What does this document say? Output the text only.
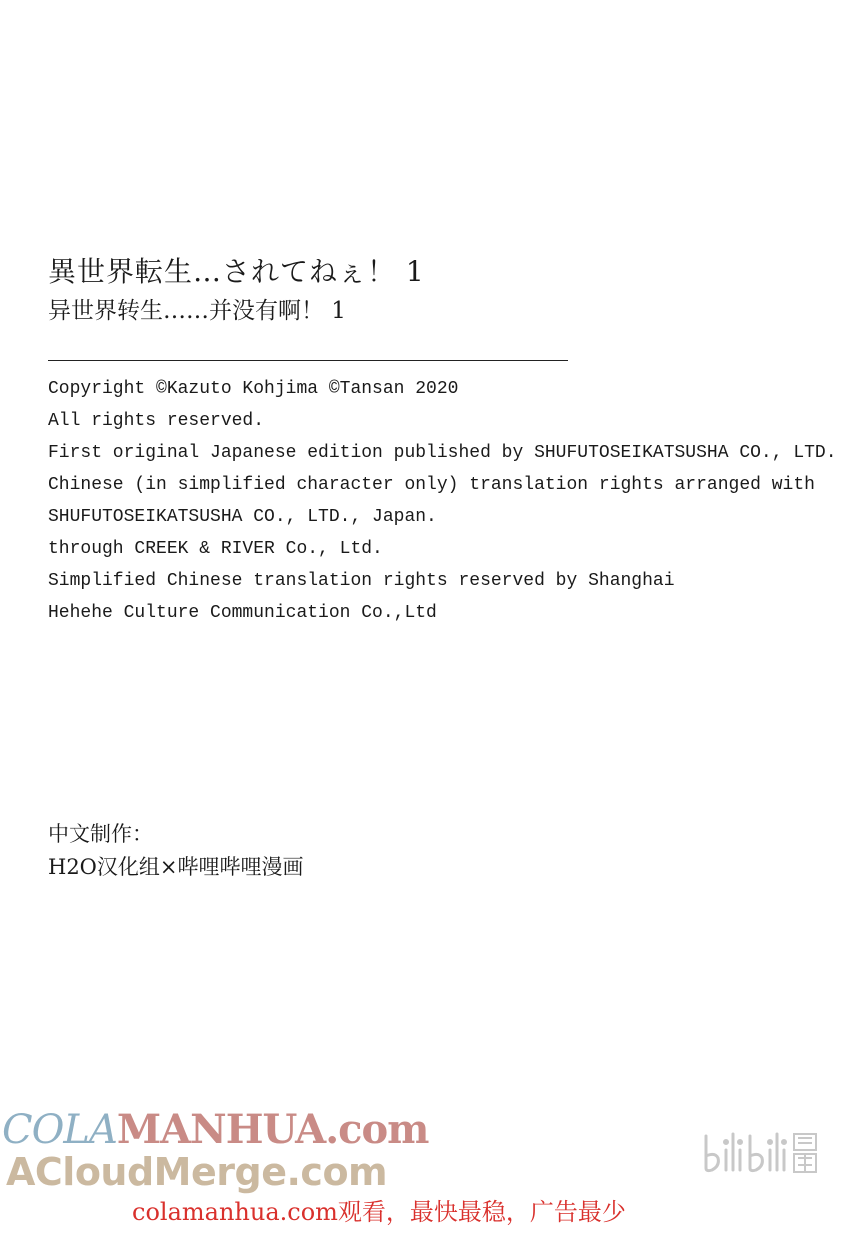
異世界転生…されてねぇ！ 1
异世界转生……并没有啊！ 1
Copyright ©Kazuto Kohjima ©Tansan 2020
All rights reserved.
First original Japanese edition published by SHUFUTOSEIKATSUSHA CO., LTD.
Chinese (in simplified character only) translation rights arranged with
SHUFUTOSEIKATSUSHA CO., LTD., Japan.
through CREEK & RIVER Co., Ltd.
Simplified Chinese translation rights reserved by Shanghai
Hehehe Culture Communication Co.,Ltd
中文制作：
H2O汉化组×哔哩哔哩漫画
COLAMANHUA.com
ACloudMerge.com
colamanhua.com观看，最快最稳，广告最少
